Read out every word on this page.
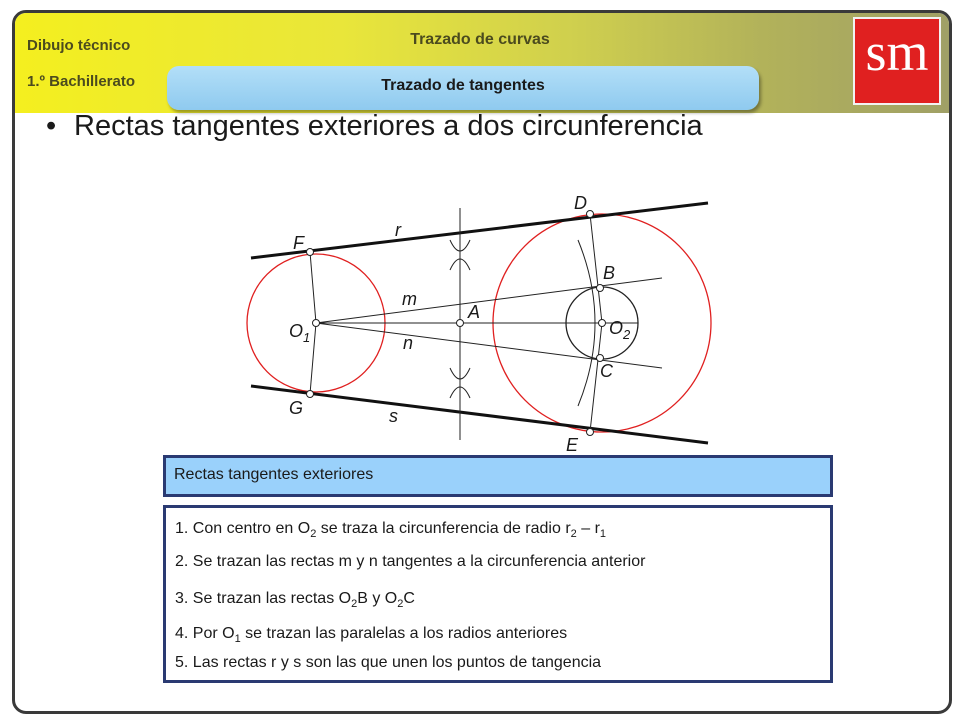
Dibujo técnico
1.º Bachillerato
Trazado de curvas
Trazado de tangentes
sm
• Rectas tangentes exteriores a dos circunferencia
D
F
r
B
m
A
$O_1$	$O_2$
n
C
G	s
E
Rectas tangentes exteriores
1. Con centro en $O_2$ se traza la circunferencia de radio $r_2 - r_1$
2. Se trazan las rectas m y n tangentes a la circunferencia anterior
3. Se trazan las rectas $O_2B$ y $O_2C$
4. Por $O_1$ se trazan las paralelas a los radios anteriores
5. Las rectas r y s son las que unen los puntos de tangencia
